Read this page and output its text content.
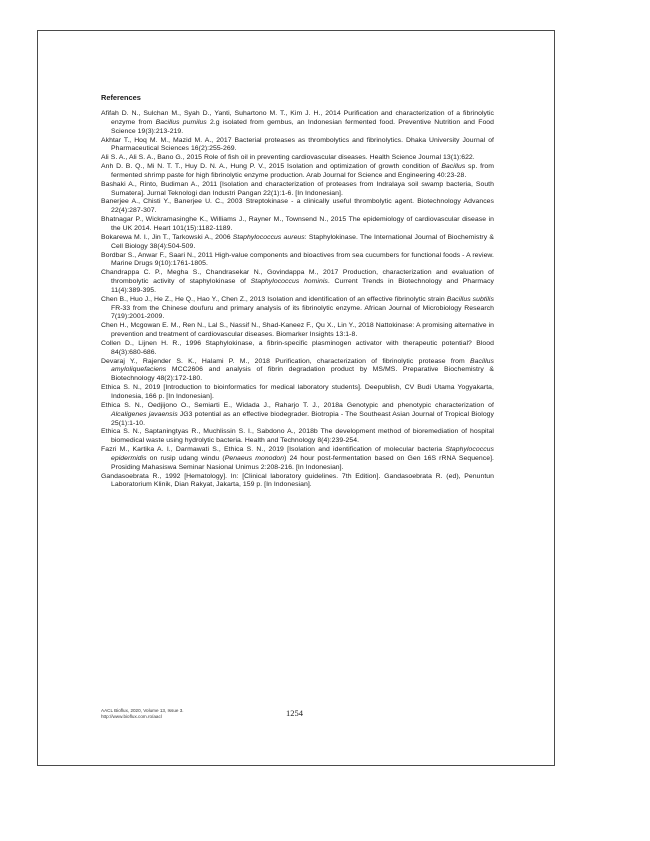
References

Afifah D. N., Sulchan M., Syah D., Yanti, Suhartono M. T., Kim J. H., 2014 Purification and characterization of a fibrinolytic enzyme from Bacillus pumilus 2.g isolated from gembus, an Indonesian fermented food. Preventive Nutrition and Food Science 19(3):213-219.

Akhtar T., Hoq M. M., Mazid M. A., 2017 Bacterial proteases as thrombolytics and fibrinolytics. Dhaka University Journal of Pharmaceutical Sciences 16(2):255-269.

Ali S. A., Ali S. A., Bano G., 2015 Role of fish oil in preventing cardiovascular diseases. Health Science Journal 13(1):622.

Anh D. B. Q., Mi N. T. T., Huy D. N. A., Hung P. V., 2015 Isolation and optimization of growth condition of Bacillus sp. from fermented shrimp paste for high fibrinolytic enzyme production. Arab Journal for Science and Engineering 40:23-28.

Bashaki A., Rinto, Budiman A., 2011 [Isolation and characterization of proteases from Indralaya soil swamp bacteria, South Sumatera]. Jurnal Teknologi dan Industri Pangan 22(1):1-6. [In Indonesian].

Banerjee A., Chisti Y., Banerjee U. C., 2003 Streptokinase - a clinically useful thrombolytic agent. Biotechnology Advances 22(4):287-307.

Bhatnagar P., Wickramasinghe K., Williams J., Rayner M., Townsend N., 2015 The epidemiology of cardiovascular disease in the UK 2014. Heart 101(15):1182-1189.

Bokarewa M. I., Jin T., Tarkowski A., 2006 Staphylococcus aureus: Staphylokinase. The International Journal of Biochemistry & Cell Biology 38(4):504-509.

Bordbar S., Anwar F., Saari N., 2011 High-value components and bioactives from sea cucumbers for functional foods - A review. Marine Drugs 9(10):1761-1805.

Chandrappa C. P., Megha S., Chandrasekar N., Govindappa M., 2017 Production, characterization and evaluation of thrombolytic activity of staphylokinase of Staphylococcus hominis. Current Trends in Biotechnology and Pharmacy 11(4):389-395.

Chen B., Huo J., He Z., He Q., Hao Y., Chen Z., 2013 Isolation and identification of an effective fibrinolytic strain Bacillus subtilis FR-33 from the Chinese doufuru and primary analysis of its fibrinolytic enzyme. African Journal of Microbiology Research 7(19):2001-2009.

Chen H., Mcgowan E. M., Ren N., Lal S., Nassif N., Shad-Kaneez F., Qu X., Lin Y., 2018 Nattokinase: A promising alternative in prevention and treatment of cardiovascular diseases. Biomarker Insights 13:1-8.

Collen D., Lijnen H. R., 1996 Staphylokinase, a fibrin-specific plasminogen activator with therapeutic potential? Blood 84(3):680-686.

Devaraj Y., Rajender S. K., Halami P. M., 2018 Purification, characterization of fibrinolytic protease from Bacillus amyloliquefaciens MCC2606 and analysis of fibrin degradation product by MS/MS. Preparative Biochemistry & Biotechnology 48(2):172-180.

Ethica S. N., 2019 [Introduction to bioinformatics for medical laboratory students]. Deepublish, CV Budi Utama Yogyakarta, Indonesia, 166 p. [In Indonesian].

Ethica S. N., Oedjijono O., Semiarti E., Widada J., Raharjo T. J., 2018a Genotypic and phenotypic characterization of Alcaligenes javaensis JG3 potential as an effective biodegrader. Biotropia - The Southeast Asian Journal of Tropical Biology 25(1):1-10.

Ethica S. N., Saptaningtyas R., Muchlissin S. I., Sabdono A., 2018b The development method of bioremediation of hospital biomedical waste using hydrolytic bacteria. Health and Technology 8(4):239-254.

Fazri M., Kartika A. I., Darmawati S., Ethica S. N., 2019 [Isolation and identification of molecular bacteria Staphylococcus epidermidis on rusip udang windu (Penaeus monodon) 24 hour post-fermentation based on Gen 16S rRNA Sequence]. Prosiding Mahasiswa Seminar Nasional Unimus 2:208-216. [In Indonesian].

Gandasoebrata R., 1992 [Hematology]. In: [Clinical laboratory guidelines. 7th Edition]. Gandasoebrata R. (ed), Penuntun Laboratorium Klinik, Dian Rakyat, Jakarta, 159 p. [In Indonesian].

AACL Bioflux, 2020, Volume 13, Issue 3.
http://www.bioflux.com.ro/aacl	1254
